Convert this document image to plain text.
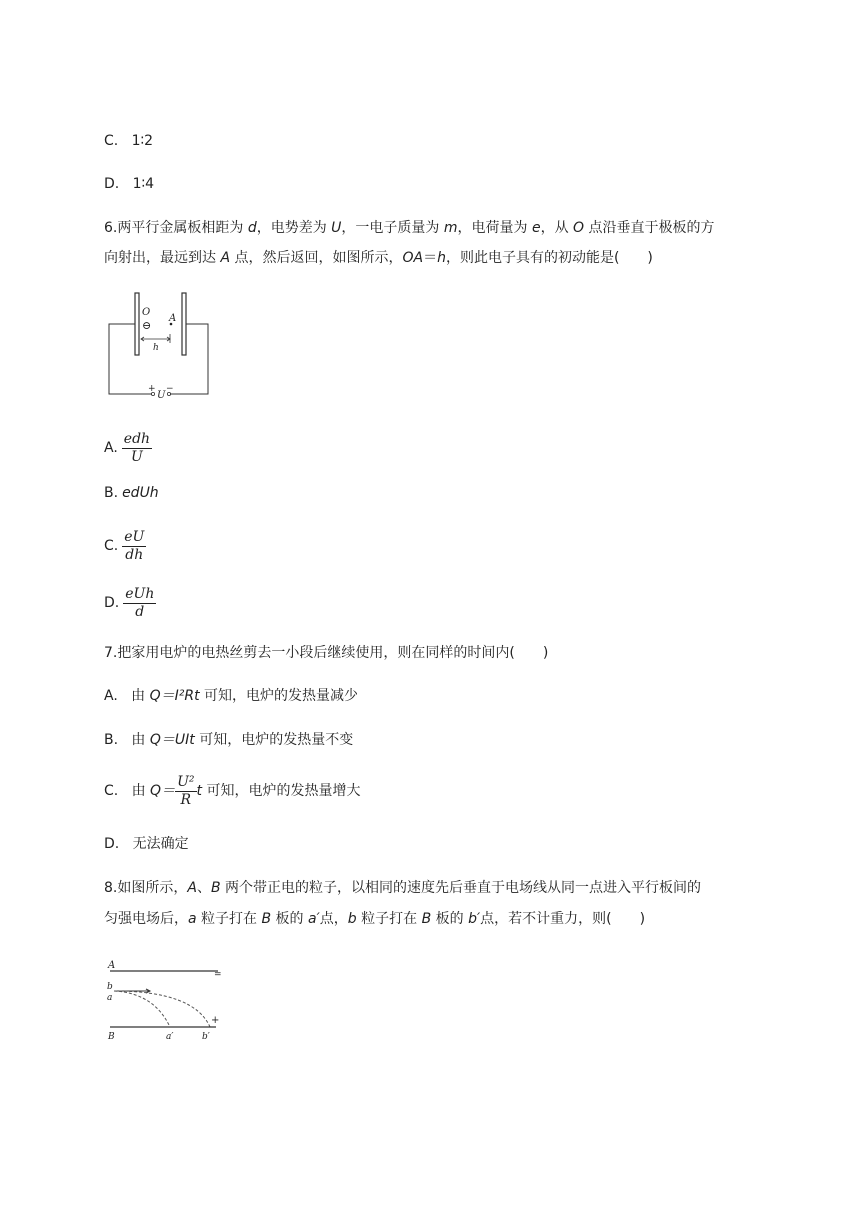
C. 1∶2
D. 1∶4
6.两平行金属板相距为 d，电势差为 U，一电子质量为 m，电荷量为 e，从 O 点沿垂直于极板的方
向射出，最远到达 A 点，然后返回，如图所示，OA＝h，则此电子具有的初动能是(　　)
O
⊖
A
h
+
U
−
A. $\frac{\text{edh}}{U}$
B. edUh
C. $\frac{eU}{dh}$
D. $\frac{\text{eUh}}{d}$
7.把家用电炉的电热丝剪去一小段后继续使用，则在同样的时间内(　　)
A. 由 Q＝I²Rt 可知，电炉的发热量减少
B. 由 Q＝UIt 可知，电炉的发热量不变
C. 由 $Q= \frac{\text{U²}}{R}$ t 可知，电炉的发热量增大
D. 无法确定
8.如图所示，A、B 两个带正电的粒子，以相同的速度先后垂直于电场线从同一点进入平行板间的
匀强电场后，a 粒子打在 B 板的 a′点，b 粒子打在 B 板的 b′点，若不计重力，则(　　)
A
=
b
a
+
B	a′	b′
